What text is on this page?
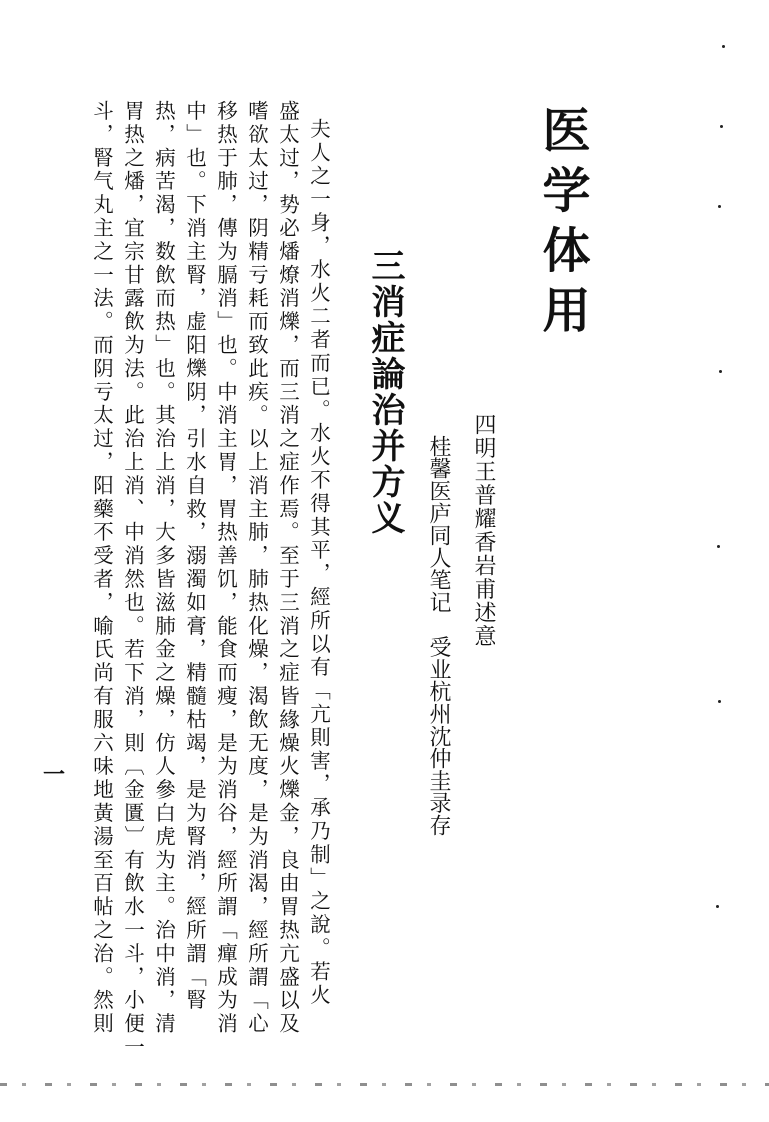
医学体用
四明王普耀香岩甫述意
桂馨医庐同人笔记　受业杭州沈仲圭录存
三消症論治并方义
夫人之一身，水火二者而已。水火不得其平，經所以有「亢則害，承乃制」之說。若火
盛太过，势必燔燎消爍，而三消之症作焉。至于三消之症皆緣燥火爍金，良由胃热亢盛以及
嗜欲太过，阴精亏耗而致此疾。以上消主肺，肺热化燥，渴飲无度，是为消渴，經所謂「心
移热于肺，傳为膈消」也。中消主胃，胃热善饥，能食而瘦，是为消谷，經所謂「癉成为消
中」也。下消主腎，虚阳爍阴，引水自救，溺濁如膏，精髓枯竭，是为腎消，經所謂「腎
热，病苦渴，数飲而热」也。其治上消，大多皆滋肺金之燥，仿人參白虎为主。治中消，清
胃热之燔，宜宗甘露飲为法。此治上消、中消然也。若下消，則〔金匱〕有飲水一斗，小便一
斗，腎气丸主之一法。而阴亏太过，阳藥不受者，喻氏尚有服六味地黃湯至百帖之治。然則
一
